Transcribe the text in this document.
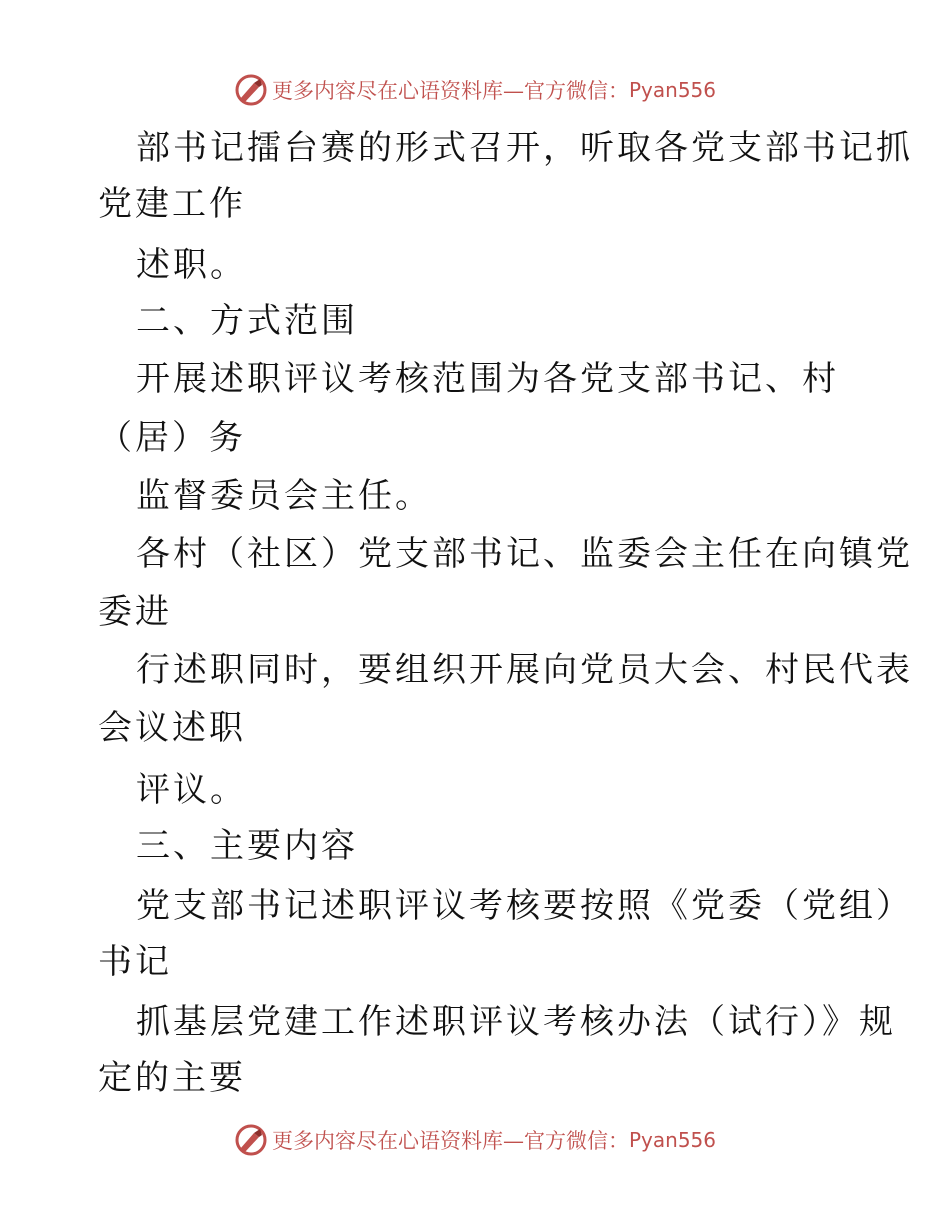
更多内容尽在心语资料库—官方微信： Pyan556
部书记擂台赛的形式召开，听取各党支部书记抓
党建工作
述职。
二、方式范围
开展述职评议考核范围为各党支部书记、村
（居）务
监督委员会主任。
各村（社区）党支部书记、监委会主任在向镇党
委进
行述职同时，要组织开展向党员大会、村民代表
会议述职
评议。
三、主要内容
党支部书记述职评议考核要按照《党委（党组）
书记
抓基层党建工作述职评议考核办法（试行）》规
定的主要
更多内容尽在心语资料库—官方微信： Pyan556
